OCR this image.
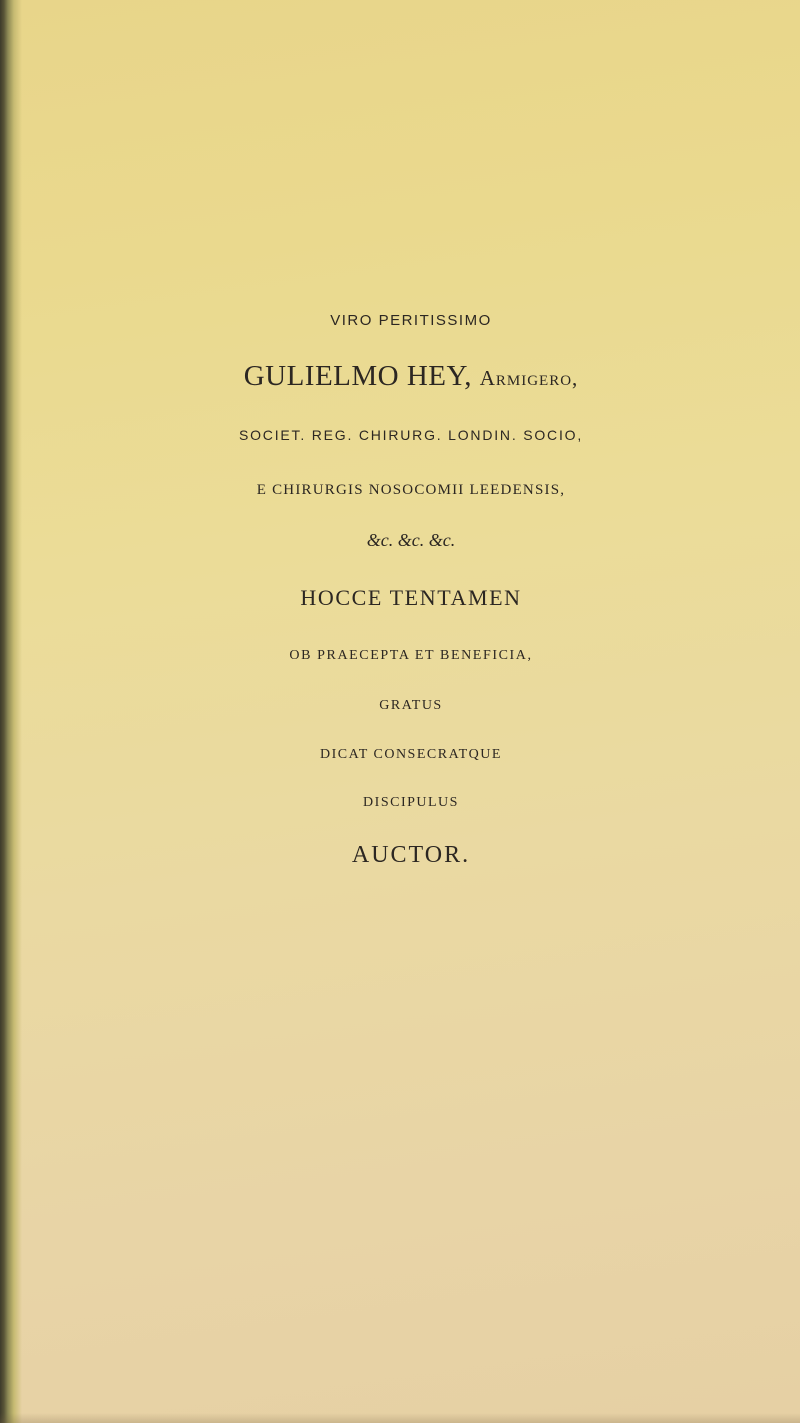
VIRO PERITISSIMO
GULIELMO HEY, Armigero,
SOCIET. REG. CHIRURG. LONDIN. SOCIO,
E CHIRURGIS NOSOCOMII LEEDENSIS,
&c. &c. &c.
HOCCE TENTAMEN
OB PRAECEPTA ET BENEFICIA,
GRATUS
DICAT CONSECRATQUE
DISCIPULUS
AUCTOR.
